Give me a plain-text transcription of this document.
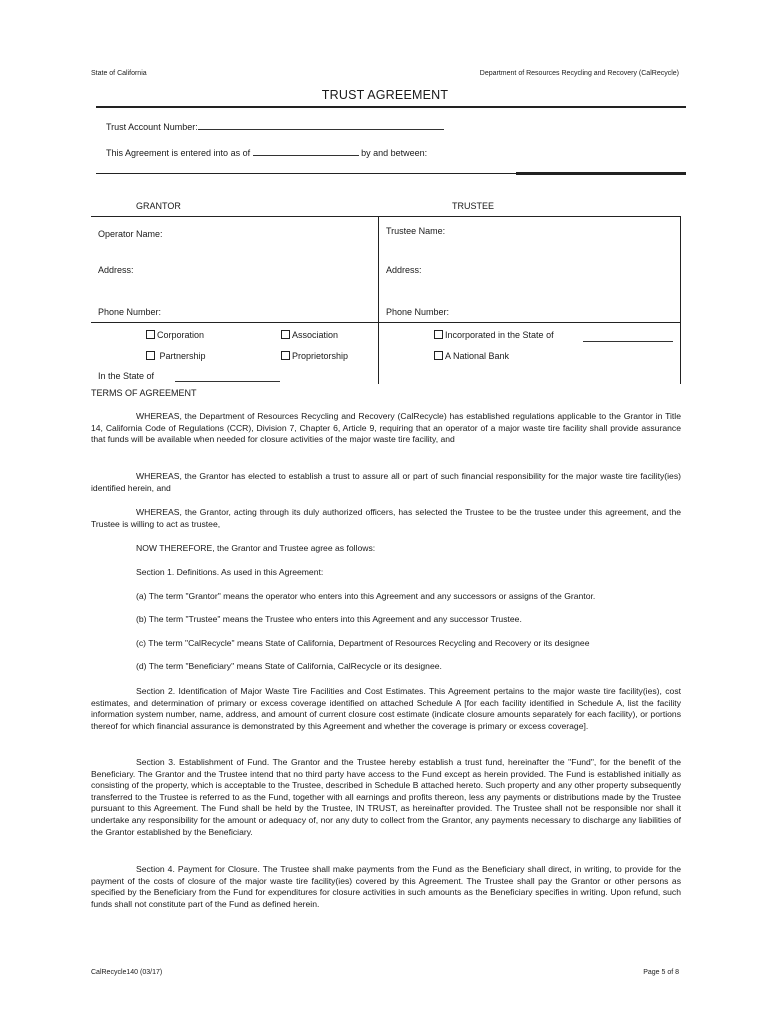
State of California	Department of Resources Recycling and Recovery (CalRecycle)
TRUST AGREEMENT
Trust Account Number:
This Agreement is entered into as of	by and between:
GRANTOR	TRUSTEE
Operator Name:	Trustee Name:
Address:	Address:
Phone Number:	Phone Number:
Corporation	Association	Incorporated in the State of
Partnership	Proprietorship	A National Bank
In the State of
TERMS OF AGREEMENT
WHEREAS, the Department of Resources Recycling and Recovery (CalRecycle) has established regulations applicable to the Grantor in Title 14, California Code of Regulations (CCR), Division 7, Chapter 6, Article 9, requiring that an operator of a major waste tire facility shall provide assurance that funds will be available when needed for closure activities of the major waste tire facility, and
WHEREAS, the Grantor has elected to establish a trust to assure all or part of such financial responsibility for the major waste tire facility(ies) identified herein, and
WHEREAS, the Grantor, acting through its duly authorized officers, has selected the Trustee to be the trustee under this agreement, and the Trustee is willing to act as trustee,
NOW THEREFORE, the Grantor and Trustee agree as follows:
Section 1. Definitions. As used in this Agreement:
(a) The term "Grantor" means the operator who enters into this Agreement and any successors or assigns of the Grantor.
(b) The term "Trustee" means the Trustee who enters into this Agreement and any successor Trustee.
(c) The term "CalRecycle" means State of California, Department of Resources Recycling and Recovery or its designee
(d) The term "Beneficiary" means State of California, CalRecycle or its designee.
Section 2. Identification of Major Waste Tire Facilities and Cost Estimates. This Agreement pertains to the major waste tire facility(ies), cost estimates, and determination of primary or excess coverage identified on attached Schedule A [for each facility identified in Schedule A, list the facility information system number, name, address, and amount of current closure cost estimate (indicate closure amounts separately for each facility), or portions thereof for which financial assurance is demonstrated by this Agreement and whether the coverage is primary or excess coverage].
Section 3. Establishment of Fund. The Grantor and the Trustee hereby establish a trust fund, hereinafter the "Fund", for the benefit of the Beneficiary. The Grantor and the Trustee intend that no third party have access to the Fund except as herein provided. The Fund is established initially as consisting of the property, which is acceptable to the Trustee, described in Schedule B attached hereto. Such property and any other property subsequently transferred to the Trustee is referred to as the Fund, together with all earnings and profits thereon, less any payments or distributions made by the Trustee pursuant to this Agreement. The Fund shall be held by the Trustee, IN TRUST, as hereinafter provided. The Trustee shall not be responsible nor shall it undertake any responsibility for the amount or adequacy of, nor any duty to collect from the Grantor, any payments necessary to discharge any liabilities of the Grantor established by the Beneficiary.
Section 4. Payment for Closure. The Trustee shall make payments from the Fund as the Beneficiary shall direct, in writing, to provide for the payment of the costs of closure of the major waste tire facility(ies) covered by this Agreement. The Trustee shall pay the Grantor or other persons as specified by the Beneficiary from the Fund for expenditures for closure activities in such amounts as the Beneficiary specifies in writing. Upon refund, such funds shall not constitute part of the Fund as defined herein.
CalRecycle140 (03/17)	Page 5 of 8
